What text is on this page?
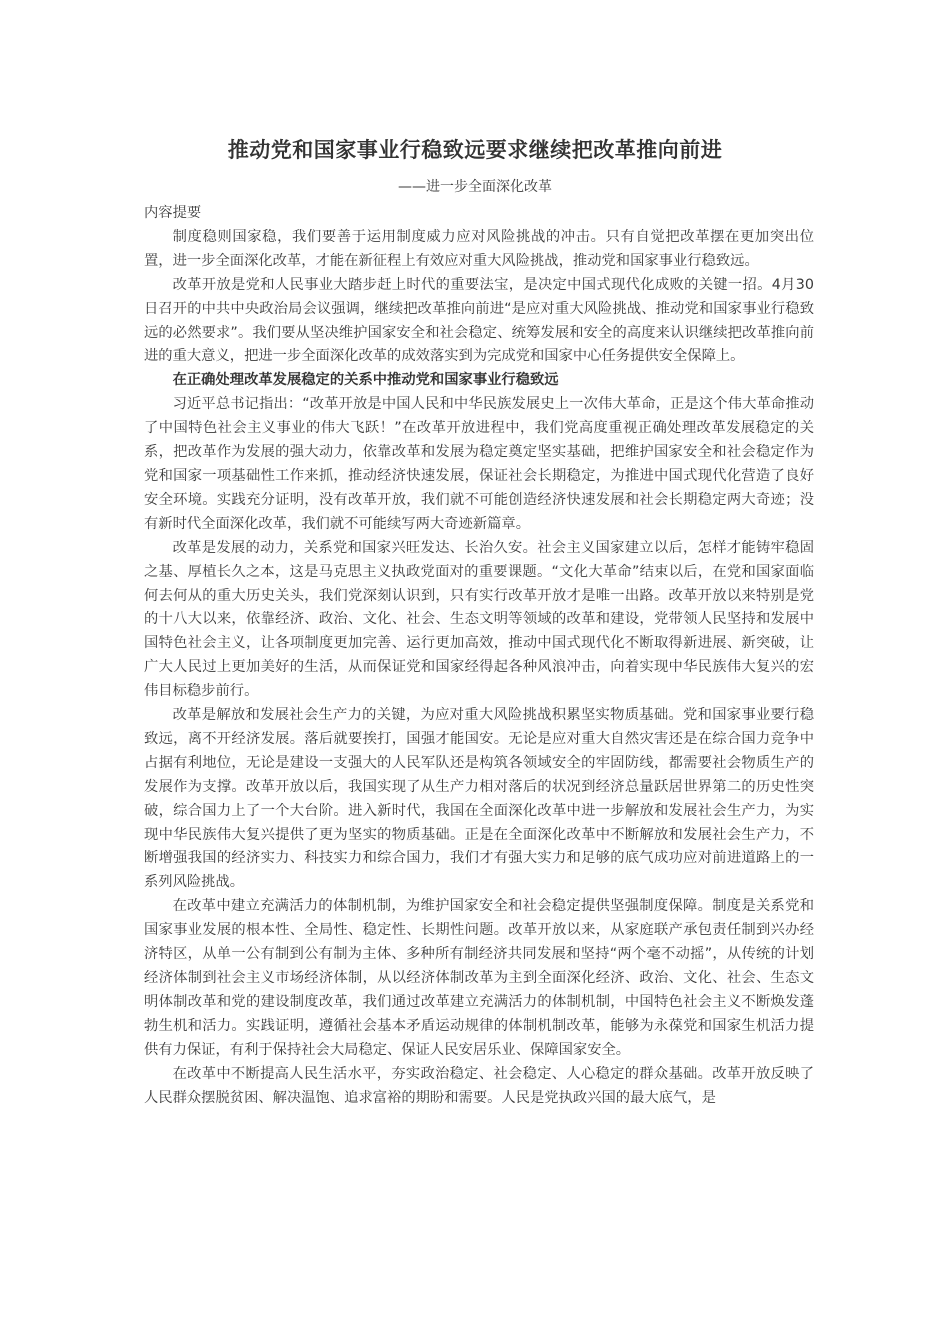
推动党和国家事业行稳致远要求继续把改革推向前进
——进一步全面深化改革

内容提要

制度稳则国家稳，我们要善于运用制度威力应对风险挑战的冲击。只有自觉把改革摆在更加突出位置，进一步全面深化改革，才能在新征程上有效应对重大风险挑战，推动党和国家事业行稳致远。

改革开放是党和人民事业大踏步赶上时代的重要法宝，是决定中国式现代化成败的关键一招。4月30日召开的中共中央政治局会议强调，继续把改革推向前进“是应对重大风险挑战、推动党和国家事业行稳致远的必然要求”。我们要从坚决维护国家安全和社会稳定、统筹发展和安全的高度来认识继续把改革推向前进的重大意义，把进一步全面深化改革的成效落实到为完成党和国家中心任务提供安全保障上。

在正确处理改革发展稳定的关系中推动党和国家事业行稳致远

习近平总书记指出：“改革开放是中国人民和中华民族发展史上一次伟大革命，正是这个伟大革命推动了中国特色社会主义事业的伟大飞跃！”在改革开放进程中，我们党高度重视正确处理改革发展稳定的关系，把改革作为发展的强大动力，依靠改革和发展为稳定奠定坚实基础，把维护国家安全和社会稳定作为党和国家一项基础性工作来抓，推动经济快速发展，保证社会长期稳定，为推进中国式现代化营造了良好安全环境。实践充分证明，没有改革开放，我们就不可能创造经济快速发展和社会长期稳定两大奇迹；没有新时代全面深化改革，我们就不可能续写两大奇迹新篇章。

改革是发展的动力，关系党和国家兴旺发达、长治久安。社会主义国家建立以后，怎样才能铸牢稳固之基、厚植长久之本，这是马克思主义执政党面对的重要课题。“文化大革命”结束以后，在党和国家面临何去何从的重大历史关头，我们党深刻认识到，只有实行改革开放才是唯一出路。改革开放以来特别是党的十八大以来，依靠经济、政治、文化、社会、生态文明等领域的改革和建设，党带领人民坚持和发展中国特色社会主义，让各项制度更加完善、运行更加高效，推动中国式现代化不断取得新进展、新突破，让广大人民过上更加美好的生活，从而保证党和国家经得起各种风浪冲击，向着实现中华民族伟大复兴的宏伟目标稳步前行。

改革是解放和发展社会生产力的关键，为应对重大风险挑战积累坚实物质基础。党和国家事业要行稳致远，离不开经济发展。落后就要挨打，国强才能国安。无论是应对重大自然灾害还是在综合国力竞争中占据有利地位，无论是建设一支强大的人民军队还是构筑各领域安全的牢固防线，都需要社会物质生产的发展作为支撑。改革开放以后，我国实现了从生产力相对落后的状况到经济总量跃居世界第二的历史性突破，综合国力上了一个大台阶。进入新时代，我国在全面深化改革中进一步解放和发展社会生产力，为实现中华民族伟大复兴提供了更为坚实的物质基础。正是在全面深化改革中不断解放和发展社会生产力，不断增强我国的经济实力、科技实力和综合国力，我们才有强大实力和足够的底气成功应对前进道路上的一系列风险挑战。

在改革中建立充满活力的体制机制，为维护国家安全和社会稳定提供坚强制度保障。制度是关系党和国家事业发展的根本性、全局性、稳定性、长期性问题。改革开放以来，从家庭联产承包责任制到兴办经济特区，从单一公有制到公有制为主体、多种所有制经济共同发展和坚持“两个毫不动摇”，从传统的计划经济体制到社会主义市场经济体制，从以经济体制改革为主到全面深化经济、政治、文化、社会、生态文明体制改革和党的建设制度改革，我们通过改革建立充满活力的体制机制，中国特色社会主义不断焕发蓬勃生机和活力。实践证明，遵循社会基本矛盾运动规律的体制机制改革，能够为永葆党和国家生机活力提供有力保证，有利于保持社会大局稳定、保证人民安居乐业、保障国家安全。

在改革中不断提高人民生活水平，夯实政治稳定、社会稳定、人心稳定的群众基础。改革开放反映了人民群众摆脱贫困、解决温饱、追求富裕的期盼和需要。人民是党执政兴国的最大底气，是
